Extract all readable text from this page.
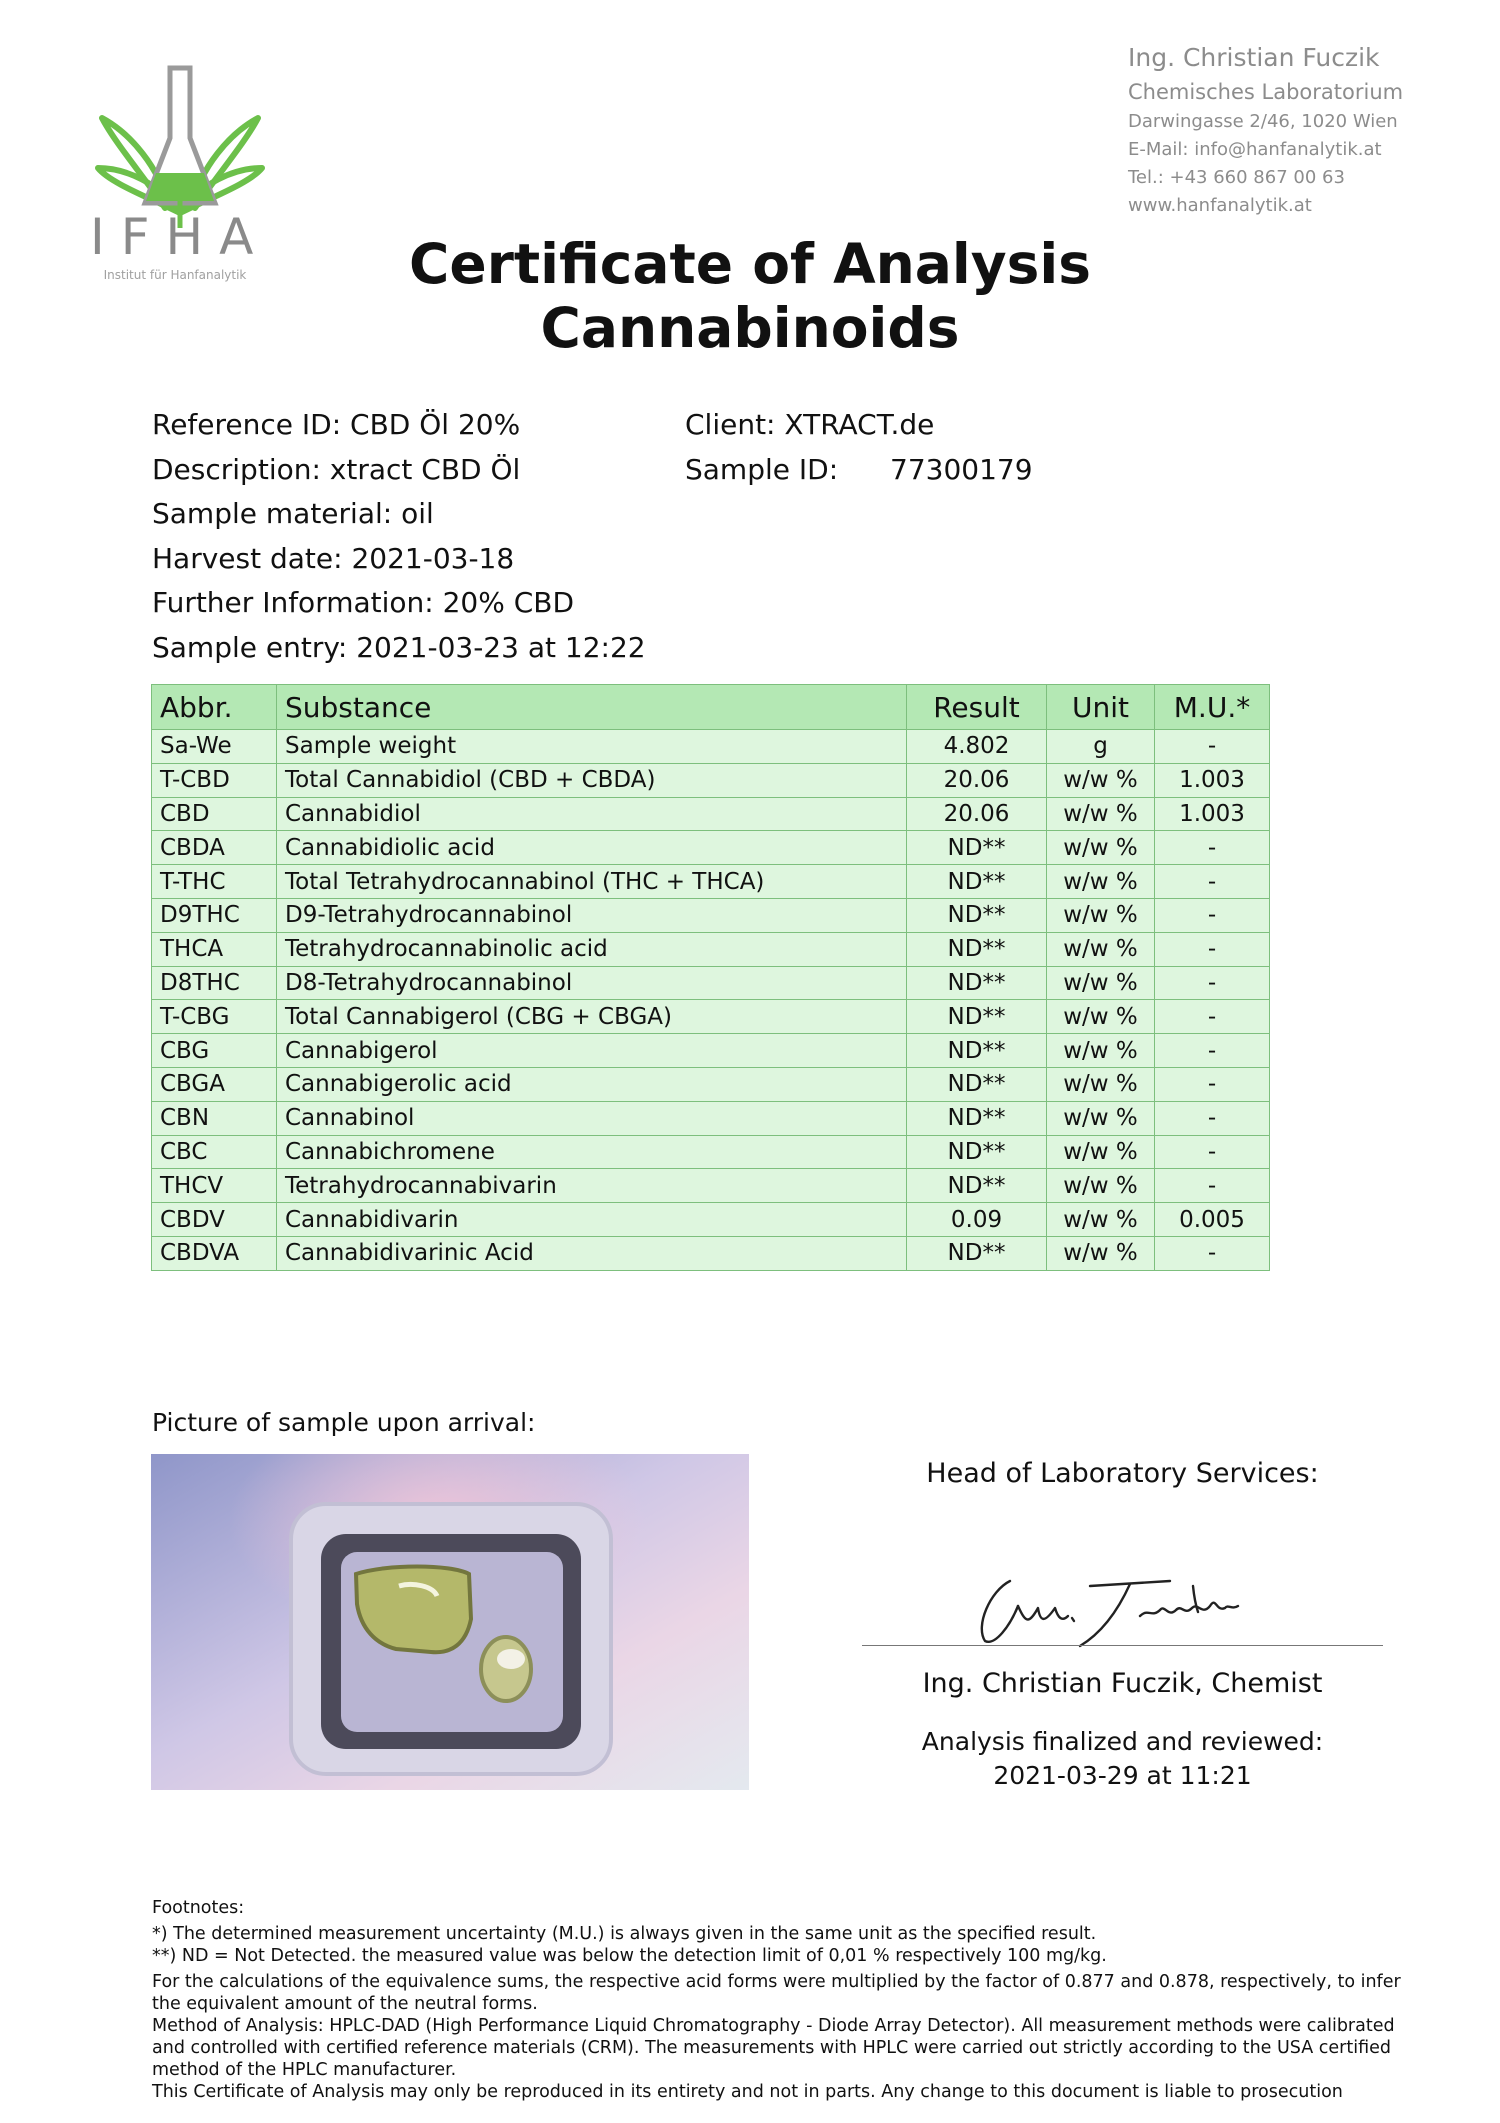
IFHA
Institut für Hanfanalytik
Ing. Christian Fuczik
Chemisches Laboratorium
Darwingasse 2/46, 1020 Wien
E-Mail: info@hanfanalytik.at
Tel.: +43 660 867 00 63
www.hanfanalytik.at
Certificate of Analysis
Cannabinoids
Reference ID: CBD Öl 20%
Description: xtract CBD Öl
Sample material: oil
Harvest date: 2021-03-18
Further Information: 20% CBD
Sample entry: 2021-03-23 at 12:22
Client: XTRACT.de
Sample ID: 77300179
Abbr.	Substance	Result	Unit	M.U.*
Sa-We	Sample weight	4.802	g	-
T-CBD	Total Cannabidiol (CBD + CBDA)	20.06	w/w %	1.003
CBD	Cannabidiol	20.06	w/w %	1.003
CBDA	Cannabidiolic acid	ND**	w/w %	-
T-THC	Total Tetrahydrocannabinol (THC + THCA)	ND**	w/w %	-
D9THC	D9-Tetrahydrocannabinol	ND**	w/w %	-
THCA	Tetrahydrocannabinolic acid	ND**	w/w %	-
D8THC	D8-Tetrahydrocannabinol	ND**	w/w %	-
T-CBG	Total Cannabigerol (CBG + CBGA)	ND**	w/w %	-
CBG	Cannabigerol	ND**	w/w %	-
CBGA	Cannabigerolic acid	ND**	w/w %	-
CBN	Cannabinol	ND**	w/w %	-
CBC	Cannabichromene	ND**	w/w %	-
THCV	Tetrahydrocannabivarin	ND**	w/w %	-
CBDV	Cannabidivarin	0.09	w/w %	0.005
CBDVA	Cannabidivarinic Acid	ND**	w/w %	-
Picture of sample upon arrival:
Head of Laboratory Services:
Ing. Christian Fuczik, Chemist
Analysis finalized and reviewed:
2021-03-29 at 11:21
Footnotes:
*) The determined measurement uncertainty (M.U.) is always given in the same unit as the specified result.
**) ND = Not Detected. the measured value was below the detection limit of 0,01 % respectively 100 mg/kg.
For the calculations of the equivalence sums, the respective acid forms were multiplied by the factor of 0.877 and 0.878, respectively, to infer the equivalent amount of the neutral forms.
Method of Analysis: HPLC-DAD (High Performance Liquid Chromatography - Diode Array Detector). All measurement methods were calibrated and controlled with certified reference materials (CRM). The measurements with HPLC were carried out strictly according to the USA certified method of the HPLC manufacturer.
This Certificate of Analysis may only be reproduced in its entirety and not in parts. Any change to this document is liable to prosecution
